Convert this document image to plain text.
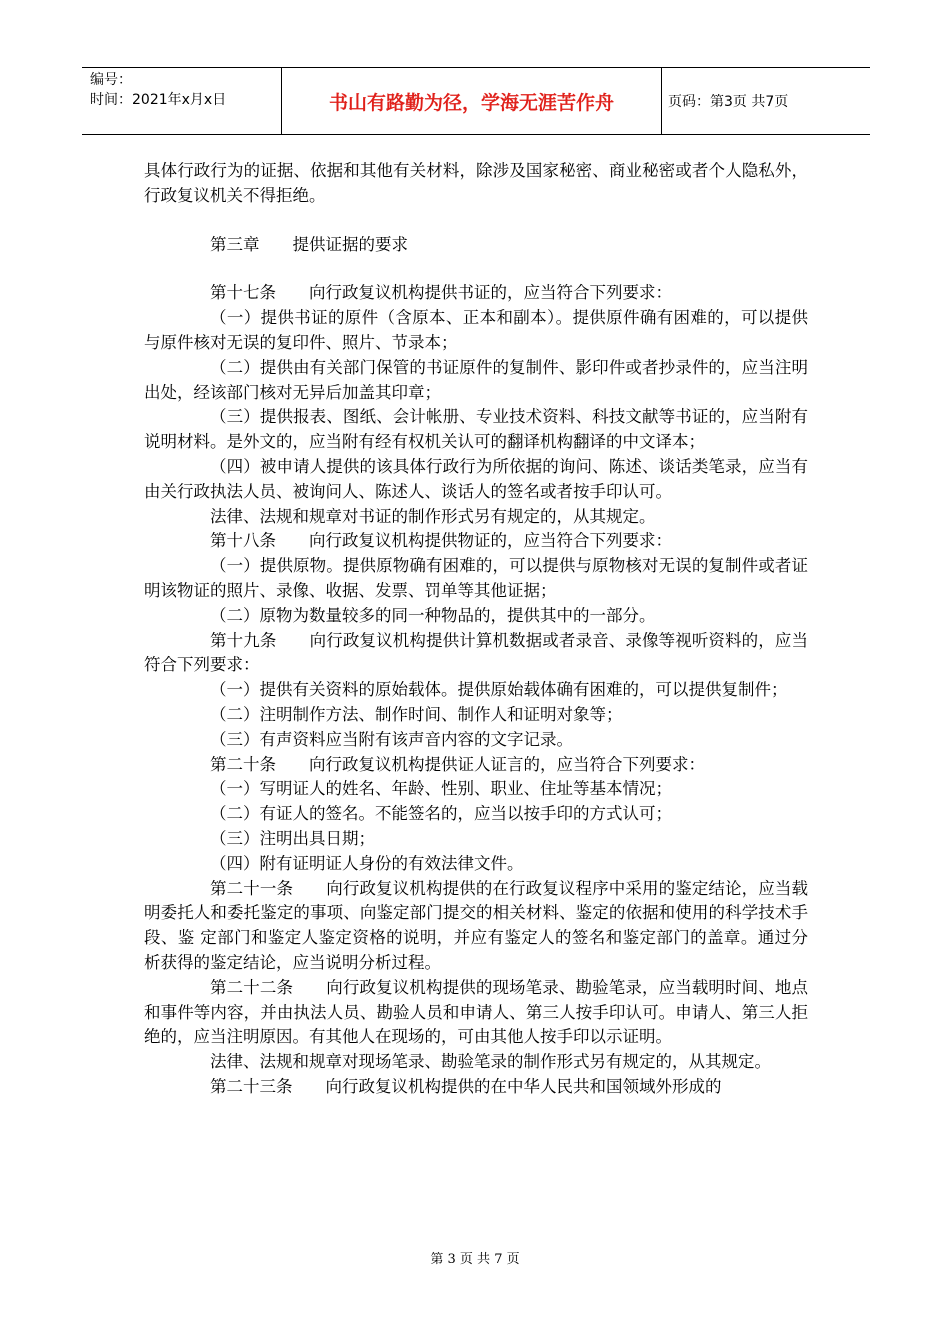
编号：
时间：2021年x月x日	书山有路勤为径，学海无涯苦作舟	页码：第3页 共7页

具体行政行为的证据、依据和其他有关材料，除涉及国家秘密、商业秘密或者个人隐私外，行政复议机关不得拒绝。

第三章　　提供证据的要求

第十七条　　向行政复议机构提供书证的，应当符合下列要求：

（一）提供书证的原件（含原本、正本和副本）。提供原件确有困难的，可以提供与原件核对无误的复印件、照片、节录本；

（二）提供由有关部门保管的书证原件的复制件、影印件或者抄录件的，应当注明出处，经该部门核对无异后加盖其印章；

（三）提供报表、图纸、会计帐册、专业技术资料、科技文献等书证的，应当附有说明材料。是外文的，应当附有经有权机关认可的翻译机构翻译的中文译本；

（四）被申请人提供的该具体行政行为所依据的询问、陈述、谈话类笔录，应当有由关行政执法人员、被询问人、陈述人、谈话人的签名或者按手印认可。

法律、法规和规章对书证的制作形式另有规定的，从其规定。

第十八条　　向行政复议机构提供物证的，应当符合下列要求：

（一）提供原物。提供原物确有困难的，可以提供与原物核对无误的复制件或者证明该物证的照片、录像、收据、发票、罚单等其他证据；

（二）原物为数量较多的同一种物品的，提供其中的一部分。

第十九条　　向行政复议机构提供计算机数据或者录音、录像等视听资料的，应当符合下列要求：

（一）提供有关资料的原始载体。提供原始载体确有困难的，可以提供复制件；

（二）注明制作方法、制作时间、制作人和证明对象等；

（三）有声资料应当附有该声音内容的文字记录。

第二十条　　向行政复议机构提供证人证言的，应当符合下列要求：

（一）写明证人的姓名、年龄、性别、职业、住址等基本情况；

（二）有证人的签名。不能签名的，应当以按手印的方式认可；

（三）注明出具日期；

（四）附有证明证人身份的有效法律文件。

第二十一条　　向行政复议机构提供的在行政复议程序中采用的鉴定结论，应当载明委托人和委托鉴定的事项、向鉴定部门提交的相关材料、鉴定的依据和使用的科学技术手段、鉴 定部门和鉴定人鉴定资格的说明，并应有鉴定人的签名和鉴定部门的盖章。通过分析获得的鉴定结论，应当说明分析过程。

第二十二条　　向行政复议机构提供的现场笔录、勘验笔录，应当载明时间、地点和事件等内容，并由执法人员、勘验人员和申请人、第三人按手印认可。申请人、第三人拒绝的，应当注明原因。有其他人在现场的，可由其他人按手印以示证明。

法律、法规和规章对现场笔录、勘验笔录的制作形式另有规定的，从其规定。

第二十三条　　向行政复议机构提供的在中华人民共和国领域外形成的

第 3 页 共 7 页
